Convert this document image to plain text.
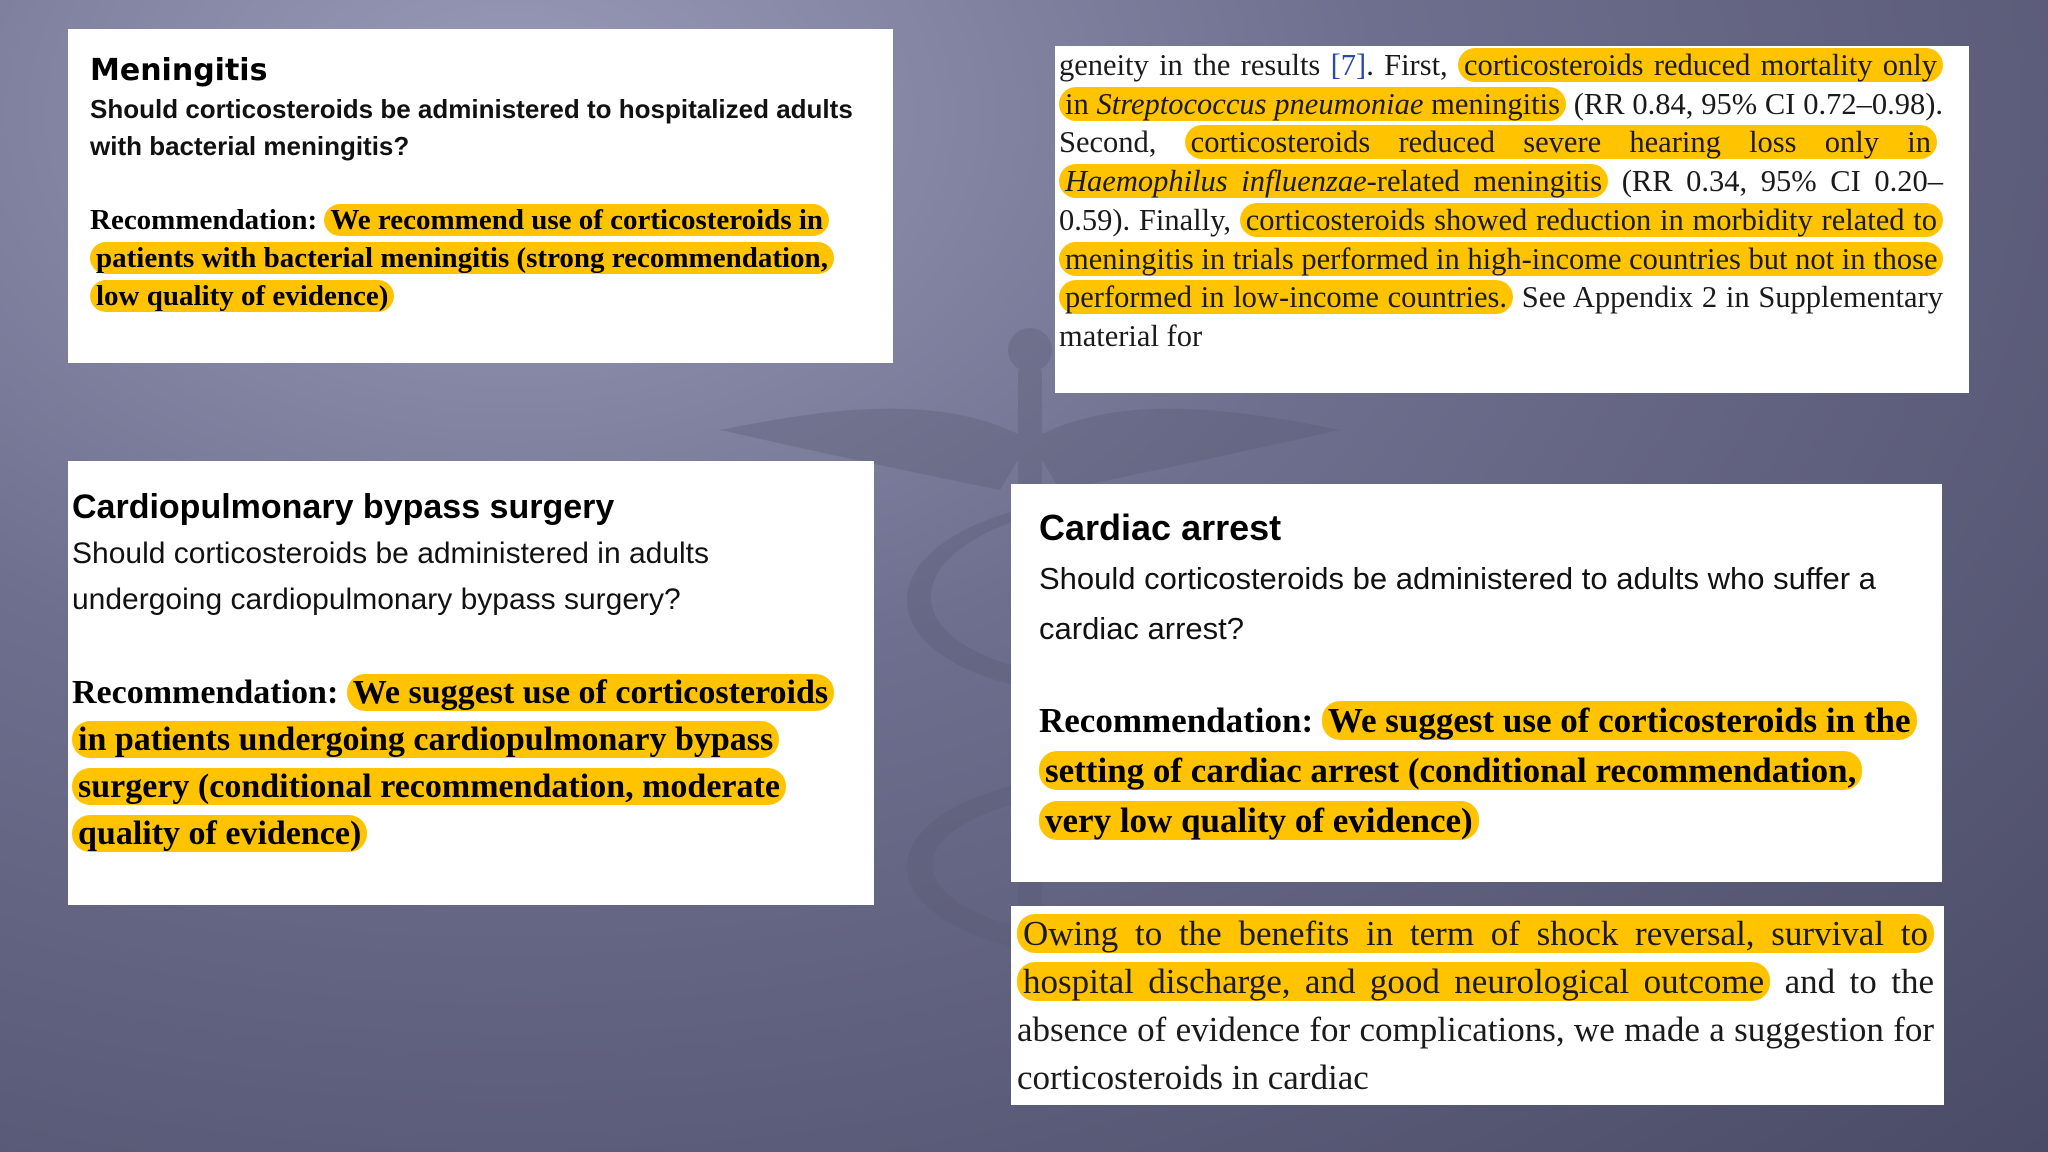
Meningitis

Should corticosteroids be administered to hospitalized adults with bacterial meningitis?

Recommendation: We recommend use of corticosteroids in patients with bacterial meningitis (strong recommendation, low quality of evidence)

geneity in the results [7]. First, corticosteroids reduced mortality only in Streptococcus pneumoniae meningitis (RR 0.84, 95% CI 0.72–0.98). Second, corticosteroids reduced severe hearing loss only in Haemophilus influenzae-related meningitis (RR 0.34, 95% CI 0.20–0.59). Finally, corticosteroids showed reduction in morbidity related to meningitis in trials performed in high-income countries but not in those performed in low-income countries. See Appendix 2 in Supplementary material for

Cardiopulmonary bypass surgery

Should corticosteroids be administered in adults undergoing cardiopulmonary bypass surgery?

Recommendation: We suggest use of corticosteroids in patients undergoing cardiopulmonary bypass surgery (conditional recommendation, moderate quality of evidence)

Cardiac arrest

Should corticosteroids be administered to adults who suffer a cardiac arrest?

Recommendation: We suggest use of corticosteroids in the setting of cardiac arrest (conditional recommendation, very low quality of evidence)

Owing to the benefits in term of shock reversal, survival to hospital discharge, and good neurological outcome and to the absence of evidence for complications, we made a suggestion for corticosteroids in cardiac
